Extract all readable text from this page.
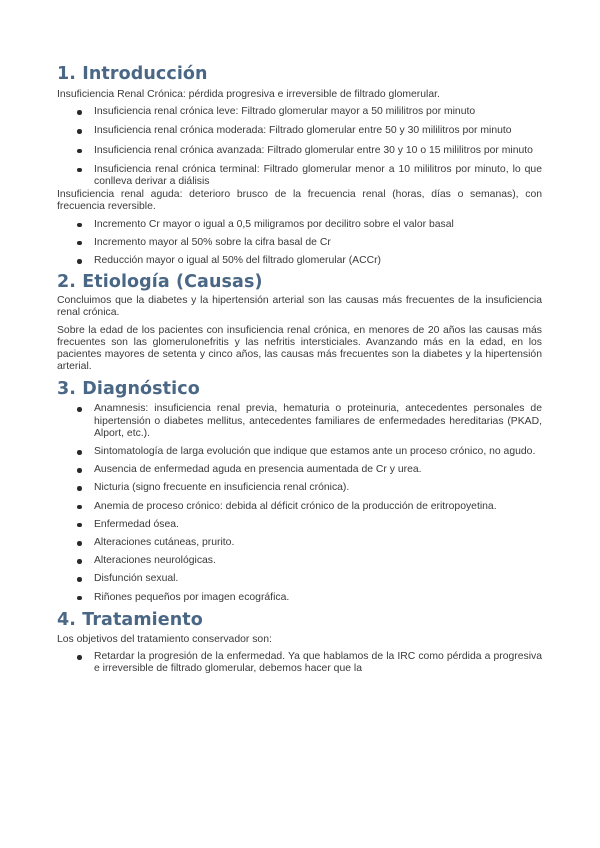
1. Introducción

Insuficiencia Renal Crónica: pérdida progresiva e irreversible de filtrado glomerular.

Insuficiencia renal crónica leve: Filtrado glomerular mayor a 50 mililitros por minuto
Insuficiencia renal crónica moderada: Filtrado glomerular entre 50 y 30 mililitros por minuto
Insuficiencia renal crónica avanzada: Filtrado glomerular entre 30 y 10 o 15 mililitros por minuto
Insuficiencia renal crónica terminal: Filtrado glomerular menor a 10 mililitros por minuto, lo que conlleva derivar a diálisis

Insuficiencia renal aguda: deterioro brusco de la frecuencia renal (horas, días o semanas), con frecuencia reversible.

Incremento Cr mayor o igual a 0,5 miligramos por decilitro sobre el valor basal
Incremento mayor al 50% sobre la cifra basal de Cr
Reducción mayor o igual al 50% del filtrado glomerular (ACCr)
2. Etiología (Causas)

Concluimos que la diabetes y la hipertensión arterial son las causas más frecuentes de la insuficiencia renal crónica.

Sobre la edad de los pacientes con insuficiencia renal crónica, en menores de 20 años las causas más frecuentes son las glomerulonefritis y las nefritis intersticiales. Avanzando más en la edad, en los pacientes mayores de setenta y cinco años, las causas más frecuentes son la diabetes y la hipertensión arterial.

3. Diagnóstico
Anamnesis: insuficiencia renal previa, hematuria o proteinuria, antecedentes personales de hipertensión o diabetes mellitus, antecedentes familiares de enfermedades hereditarias (PKAD, Alport, etc.).
Sintomatología de larga evolución que indique que estamos ante un proceso crónico, no agudo.
Ausencia de enfermedad aguda en presencia aumentada de Cr y urea.
Nicturia (signo frecuente en insuficiencia renal crónica).
Anemia de proceso crónico: debida al déficit crónico de la producción de eritropoyetina.
Enfermedad ósea.
Alteraciones cutáneas, prurito.
Alteraciones neurológicas.
Disfunción sexual.
Riñones pequeños por imagen ecográfica.
4. Tratamiento

Los objetivos del tratamiento conservador son:

Retardar la progresión de la enfermedad. Ya que hablamos de la IRC como pérdida a progresiva e irreversible de filtrado glomerular, debemos hacer que la
